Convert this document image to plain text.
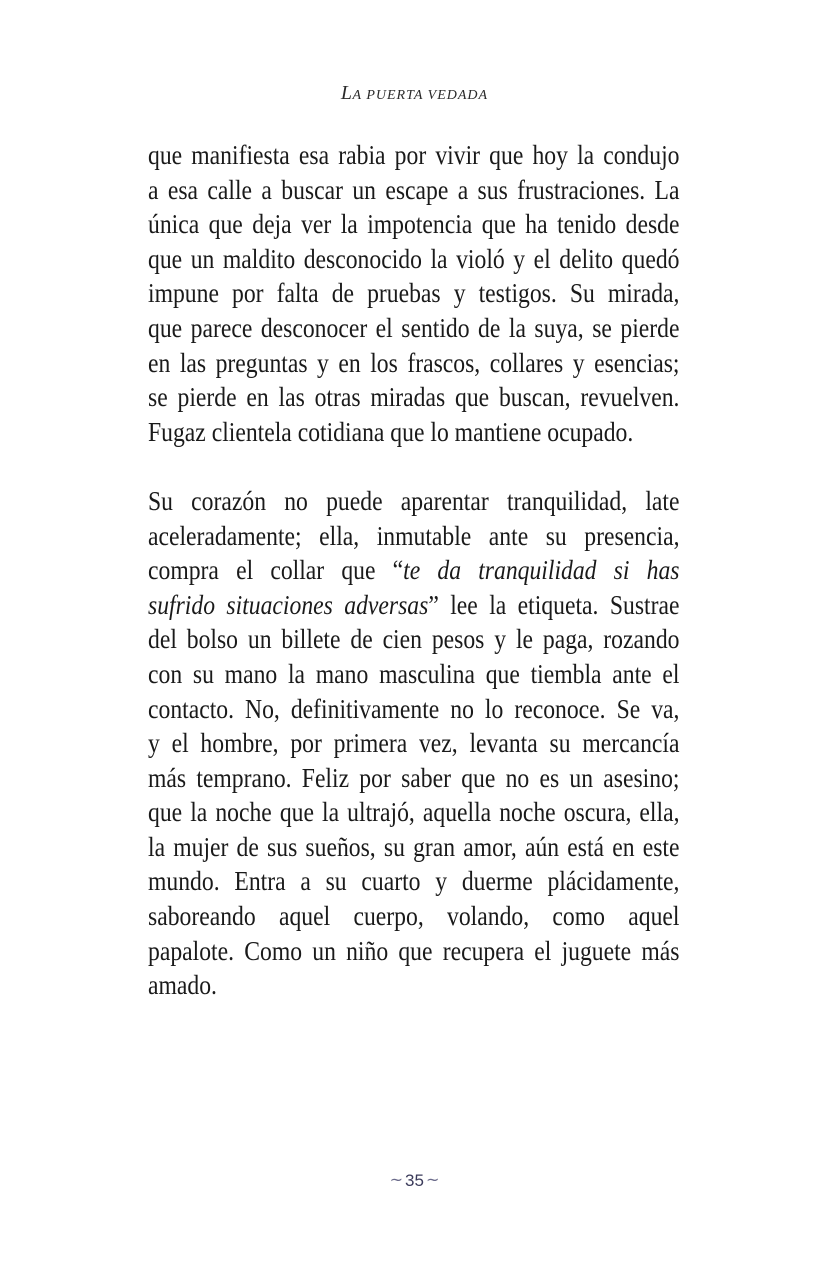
LA PUERTA VEDADA
que manifiesta esa rabia por vivir que hoy la condujo
a esa calle a buscar un escape a sus frustraciones. La
única que deja ver la impotencia que ha tenido desde
que un maldito desconocido la violó y el delito quedó
impune por falta de pruebas y testigos. Su mirada,
que parece desconocer el sentido de la suya, se pierde
en las preguntas y en los frascos, collares y esencias;
se pierde en las otras miradas que buscan, revuelven.
Fugaz clientela cotidiana que lo mantiene ocupado.
Su corazón no puede aparentar tranquilidad, late
aceleradamente; ella, inmutable ante su presencia,
compra el collar que “te da tranquilidad si has
sufrido situaciones adversas” lee la etiqueta. Sustrae
del bolso un billete de cien pesos y le paga, rozando
con su mano la mano masculina que tiembla ante el
contacto. No, definitivamente no lo reconoce. Se va,
y el hombre, por primera vez, levanta su mercancía
más temprano. Feliz por saber que no es un asesino;
que la noche que la ultrajó, aquella noche oscura, ella,
la mujer de sus sueños, su gran amor, aún está en este
mundo. Entra a su cuarto y duerme plácidamente,
saboreando aquel cuerpo, volando, como aquel
papalote. Como un niño que recupera el juguete más
amado.
~ 35 ~
